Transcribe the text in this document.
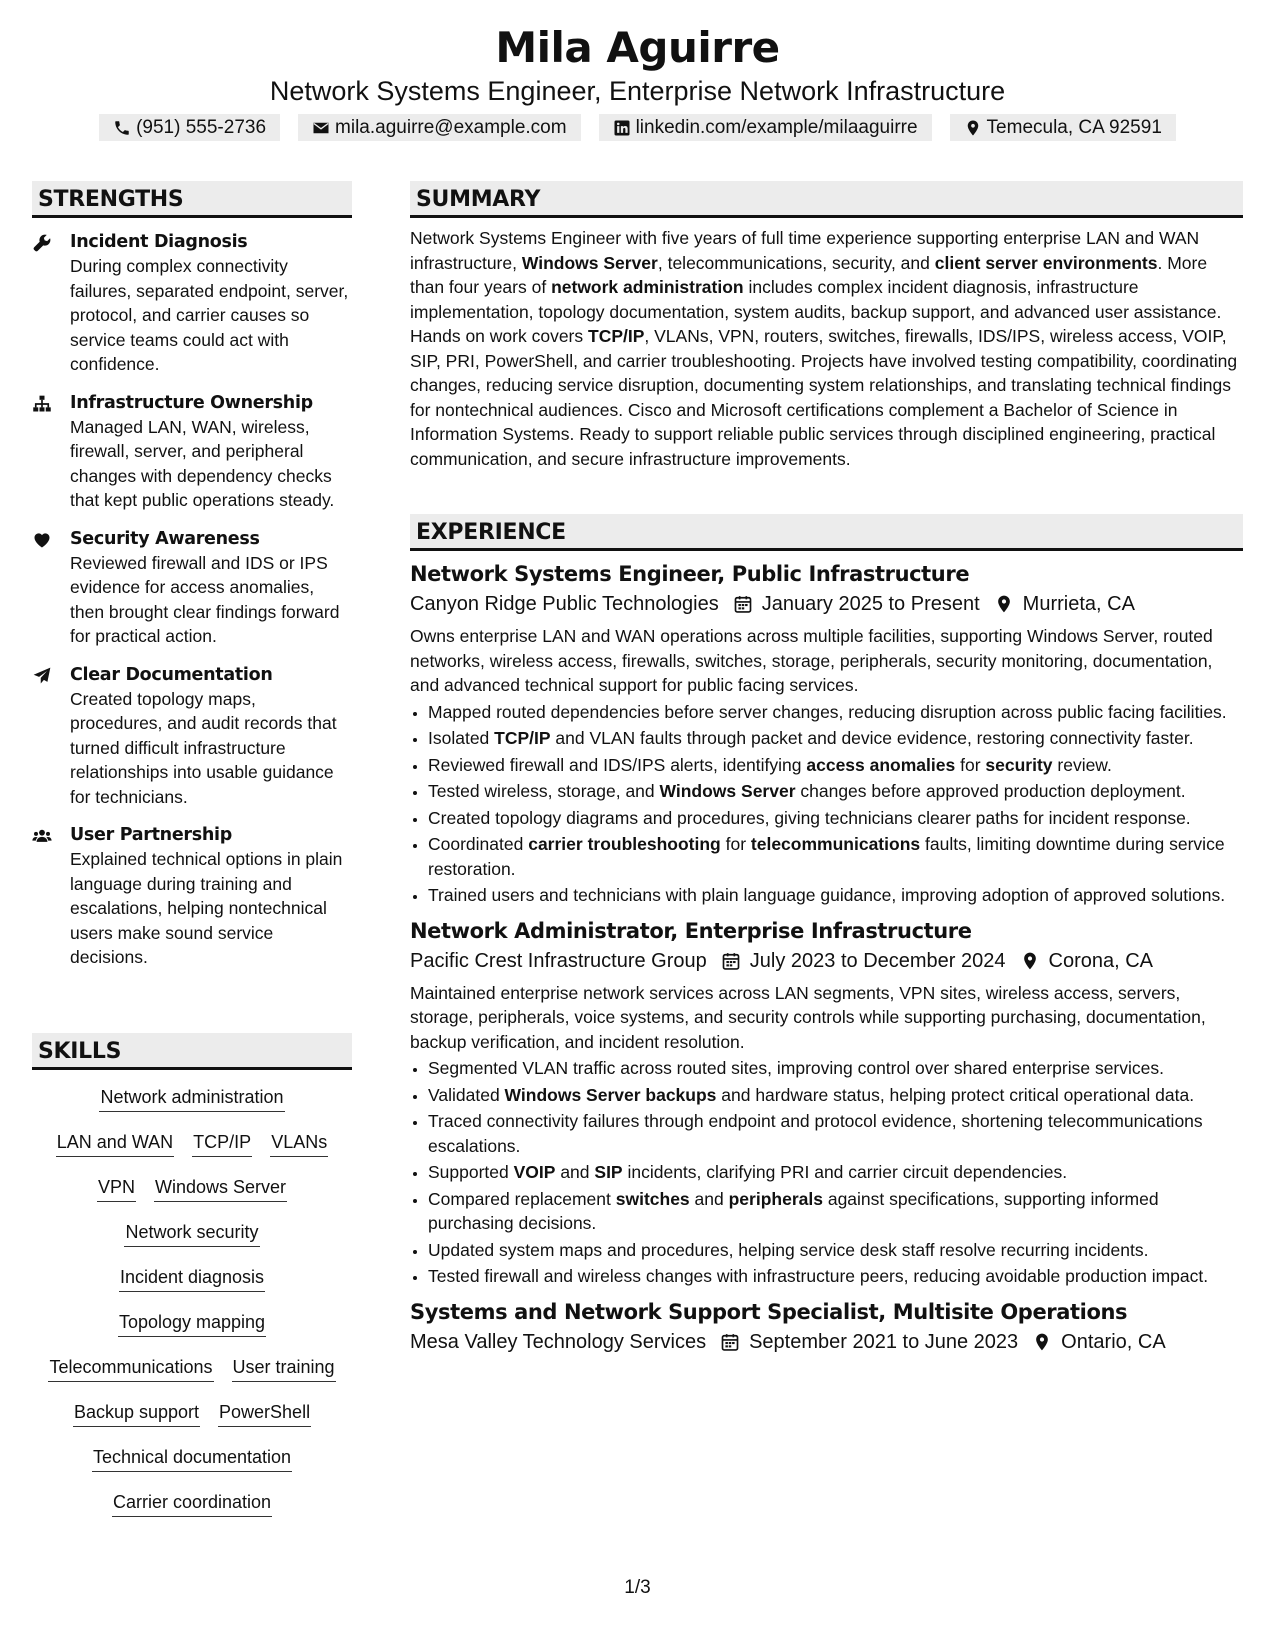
Mila Aguirre
Network Systems Engineer, Enterprise Network Infrastructure
(951) 555-2736	mila.aguirre@example.com	linkedin.com/example/milaaguirre	Temecula, CA 92591
STRENGTHS
Incident Diagnosis
During complex connectivity failures, separated endpoint, server, protocol, and carrier causes so service teams could act with confidence.
Infrastructure Ownership
Managed LAN, WAN, wireless, firewall, server, and peripheral changes with dependency checks that kept public operations steady.
Security Awareness
Reviewed firewall and IDS or IPS evidence for access anomalies, then brought clear findings forward for practical action.
Clear Documentation
Created topology maps, procedures, and audit records that turned difficult infrastructure relationships into usable guidance for technicians.
User Partnership
Explained technical options in plain language during training and escalations, helping nontechnical users make sound service decisions.
SKILLS
Network administration
LAN and WAN TCP/IP VLANs
VPN Windows Server
Network security
Incident diagnosis
Topology mapping
Telecommunications User training
Backup support PowerShell
Technical documentation
Carrier coordination
SUMMARY
Network Systems Engineer with five years of full time experience supporting enterprise LAN and WAN infrastructure, Windows Server, telecommunications, security, and client server environments. More than four years of network administration includes complex incident diagnosis, infrastructure implementation, topology documentation, system audits, backup support, and advanced user assistance. Hands on work covers TCP/IP, VLANs, VPN, routers, switches, firewalls, IDS/IPS, wireless access, VOIP, SIP, PRI, PowerShell, and carrier troubleshooting. Projects have involved testing compatibility, coordinating changes, reducing service disruption, documenting system relationships, and translating technical findings for nontechnical audiences. Cisco and Microsoft certifications complement a Bachelor of Science in Information Systems. Ready to support reliable public services through disciplined engineering, practical communication, and secure infrastructure improvements.
EXPERIENCE
Network Systems Engineer, Public Infrastructure
Canyon Ridge Public Technologies January 2025 to Present Murrieta, CA
Owns enterprise LAN and WAN operations across multiple facilities, supporting Windows Server, routed networks, wireless access, firewalls, switches, storage, peripherals, security monitoring, documentation, and advanced technical support for public facing services.
• Mapped routed dependencies before server changes, reducing disruption across public facing facilities.
• Isolated TCP/IP and VLAN faults through packet and device evidence, restoring connectivity faster.
• Reviewed firewall and IDS/IPS alerts, identifying access anomalies for security review.
• Tested wireless, storage, and Windows Server changes before approved production deployment.
• Created topology diagrams and procedures, giving technicians clearer paths for incident response.
• Coordinated carrier troubleshooting for telecommunications faults, limiting downtime during service restoration.
• Trained users and technicians with plain language guidance, improving adoption of approved solutions.
Network Administrator, Enterprise Infrastructure
Pacific Crest Infrastructure Group July 2023 to December 2024 Corona, CA
Maintained enterprise network services across LAN segments, VPN sites, wireless access, servers, storage, peripherals, voice systems, and security controls while supporting purchasing, documentation, backup verification, and incident resolution.
• Segmented VLAN traffic across routed sites, improving control over shared enterprise services.
• Validated Windows Server backups and hardware status, helping protect critical operational data.
• Traced connectivity failures through endpoint and protocol evidence, shortening telecommunications escalations.
• Supported VOIP and SIP incidents, clarifying PRI and carrier circuit dependencies.
• Compared replacement switches and peripherals against specifications, supporting informed purchasing decisions.
• Updated system maps and procedures, helping service desk staff resolve recurring incidents.
• Tested firewall and wireless changes with infrastructure peers, reducing avoidable production impact.
Systems and Network Support Specialist, Multisite Operations
Mesa Valley Technology Services September 2021 to June 2023 Ontario, CA
1/3
